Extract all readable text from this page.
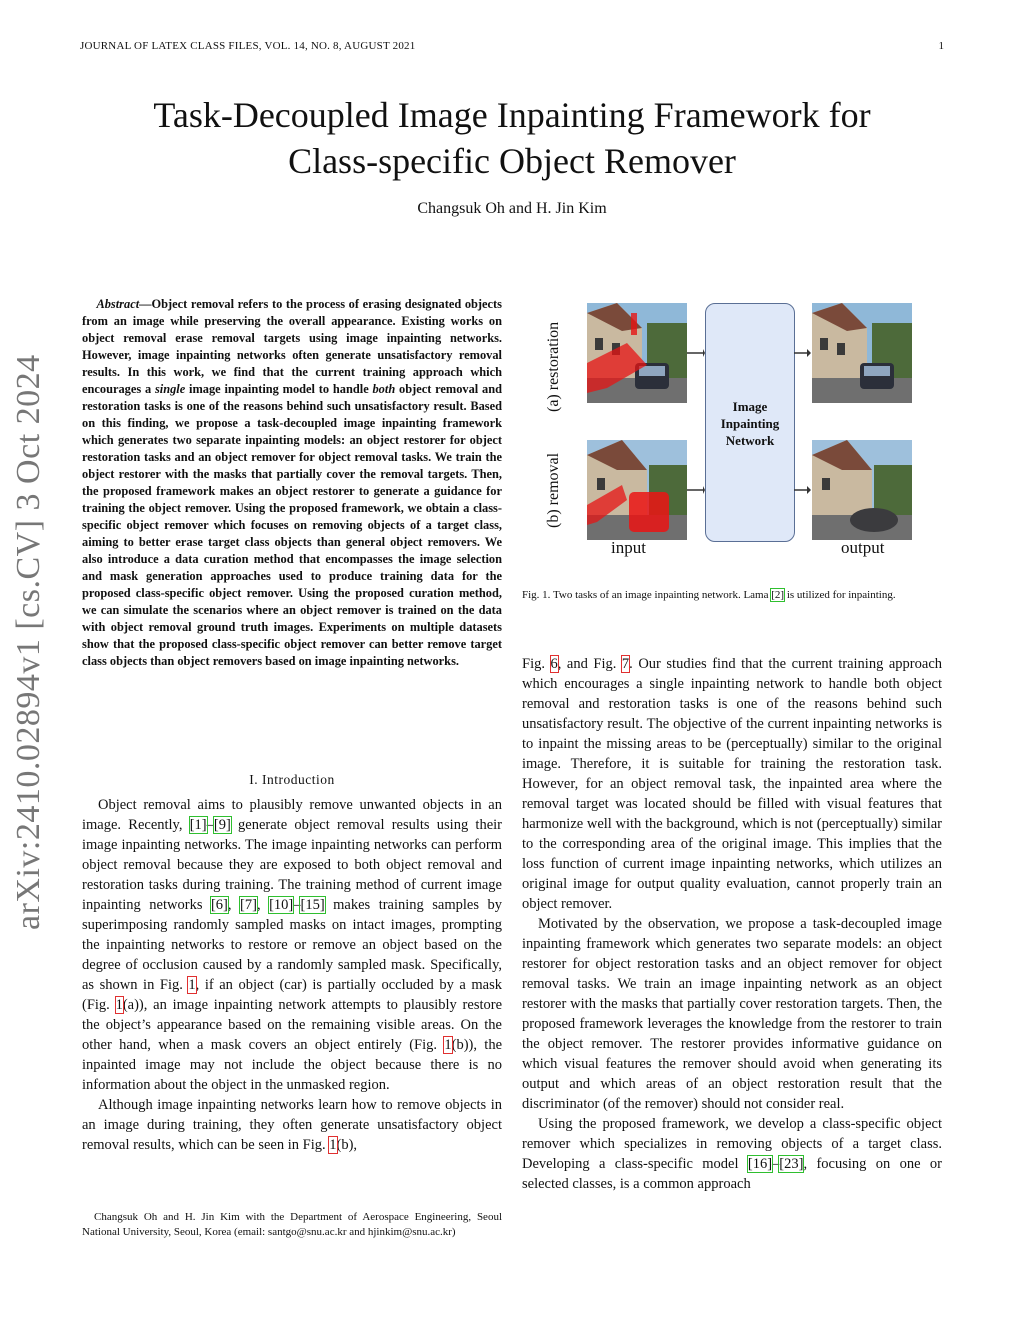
JOURNAL OF LATEX CLASS FILES, VOL. 14, NO. 8, AUGUST 2021	1
Task-Decoupled Image Inpainting Framework for
Class-specific Object Remover
Changsuk Oh and H. Jin Kim
arXiv:2410.02894v1 [cs.CV] 3 Oct 2024
Abstract—Object removal refers to the process of erasing designated objects from an image while preserving the overall appearance. Existing works on object removal erase removal targets using image inpainting networks. However, image inpainting networks often generate unsatisfactory removal results. In this work, we find that the current training approach which encourages a single image inpainting model to handle both object removal and restoration tasks is one of the reasons behind such unsatisfactory result. Based on this finding, we propose a task-decoupled image inpainting framework which generates two separate inpainting models: an object restorer for object restoration tasks and an object remover for object removal tasks. We train the object restorer with the masks that partially cover the removal targets. Then, the proposed framework makes an object restorer to generate a guidance for training the object remover. Using the proposed framework, we obtain a class-specific object remover which focuses on removing objects of a target class, aiming to better erase target class objects than general object removers. We also introduce a data curation method that encompasses the image selection and mask generation approaches used to produce training data for the proposed class-specific object remover. Using the proposed curation method, we can simulate the scenarios where an object remover is trained on the data with object removal ground truth images. Experiments on multiple datasets show that the proposed class-specific object remover can better remove target class objects than object removers based on image inpainting networks.
I. Introduction

Object removal aims to plausibly remove unwanted objects in an image. Recently, [1]–[9] generate object removal results using their image inpainting networks. The image inpainting networks can perform object removal because they are exposed to both object removal and restoration tasks during training. The training method of current image inpainting networks [6], [7], [10]–[15] makes training samples by superimposing randomly sampled masks on intact images, prompting the inpainting networks to restore or remove an object based on the degree of occlusion caused by a randomly sampled mask. Specifically, as shown in Fig. 1, if an object (car) is partially occluded by a mask (Fig. 1(a)), an image inpainting network attempts to plausibly restore the object’s appearance based on the remaining visible areas. On the other hand, when a mask covers an object entirely (Fig. 1(b)), the inpainted image may not include the object because there is no information about the object in the unmasked region.

Although image inpainting networks learn how to remove objects in an image during training, they often generate unsatisfactory object removal results, which can be seen in Fig. 1(b),

Changsuk Oh and H. Jin Kim with the Department of Aerospace Engineering, Seoul National University, Seoul, Korea (email: santgo@snu.ac.kr and hjinkim@snu.ac.kr)

(a) restoration
(b) removal
Image
Inpainting
Network
input	output
Fig. 1. Two tasks of an image inpainting network. Lama [2] is utilized for inpainting.

Fig. 6, and Fig. 7. Our studies find that the current training approach which encourages a single inpainting network to handle both object removal and restoration tasks is one of the reasons behind such unsatisfactory result. The objective of the current inpainting networks is to inpaint the missing areas to be (perceptually) similar to the original image. Therefore, it is suitable for training the restoration task. However, for an object removal task, the inpainted area where the removal target was located should be filled with visual features that harmonize well with the background, which is not (perceptually) similar to the corresponding area of the original image. This implies that the loss function of current image inpainting networks, which utilizes an original image for output quality evaluation, cannot properly train an object remover.

Motivated by the observation, we propose a task-decoupled image inpainting framework which generates two separate models: an object restorer for object restoration tasks and an object remover for object removal tasks. We train an image inpainting network as an object restorer with the masks that partially cover restoration targets. Then, the proposed framework leverages the knowledge from the restorer to train the object remover. The restorer provides informative guidance on which visual features the remover should avoid when generating its output and which areas of an object restoration result that the discriminator (of the remover) should not consider real.

Using the proposed framework, we develop a class-specific object remover which specializes in removing objects of a target class. Developing a class-specific model [16]–[23], focusing on one or selected classes, is a common approach
